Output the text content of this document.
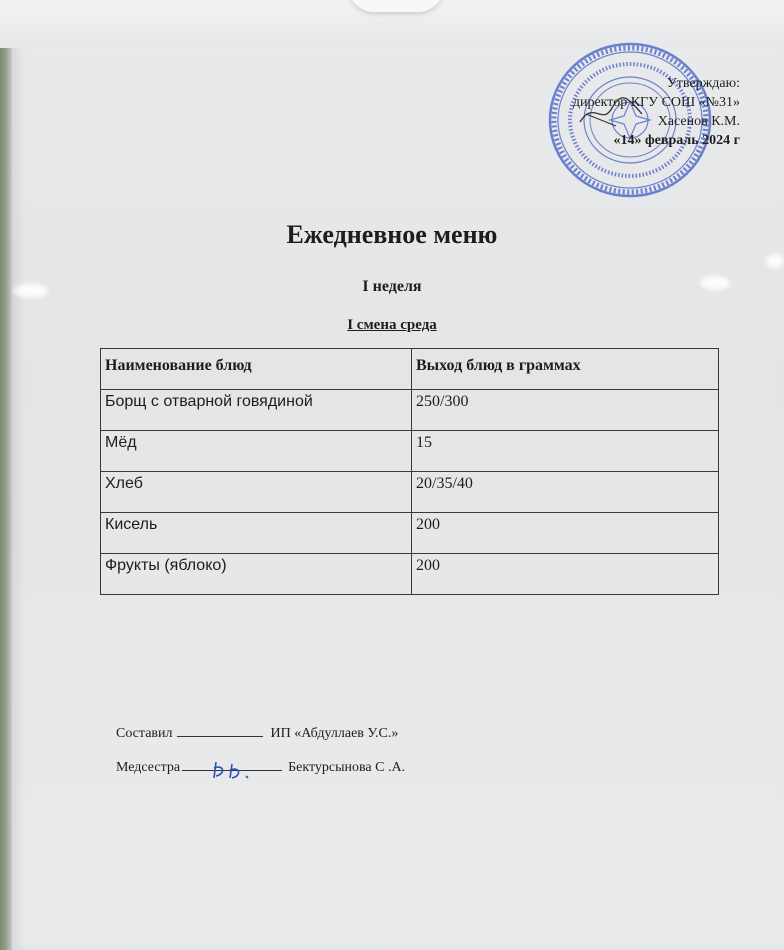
Утверждаю:
директор КГУ СОШ «№31»
Хасенов К.М.
«14» февраль 2024 г
Ежедневное меню
I неделя
I смена среда
Наименование блюд	Выход блюд в граммах
Борщ с отварной говядиной	250/300
Мёд	15
Хлеб	20/35/40
Кисель	200
Фрукты (яблоко)	200
Составил	ИП «Абдуллаев У.С.»
Медсестра	Бектурсынова С .А.
